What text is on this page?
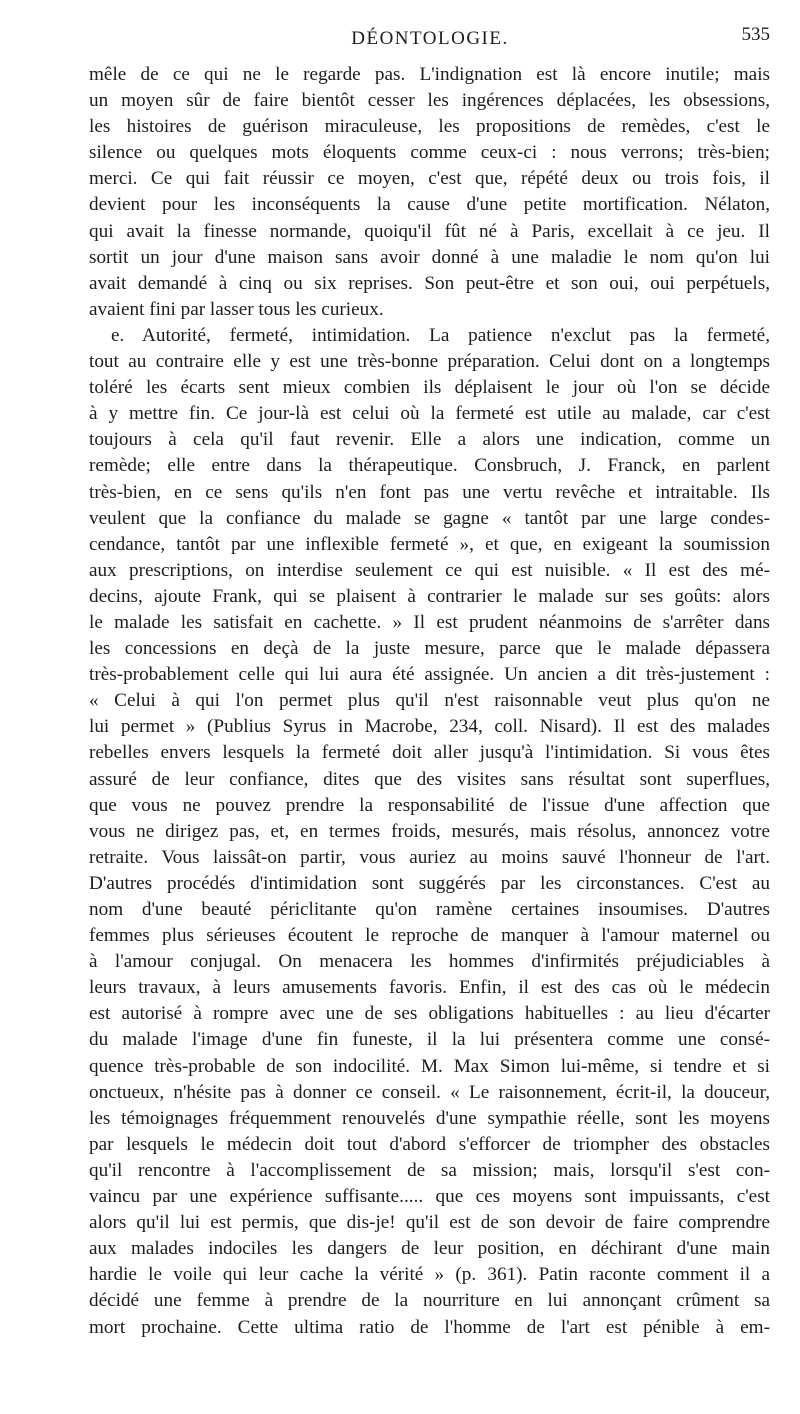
DÉONTOLOGIE.	535
mêle de ce qui ne le regarde pas. L'indignation est là encore inutile; mais
un moyen sûr de faire bientôt cesser les ingérences déplacées, les obsessions,
les histoires de guérison miraculeuse, les propositions de remèdes, c'est le
silence ou quelques mots éloquents comme ceux-ci : nous verrons; très-bien;
merci. Ce qui fait réussir ce moyen, c'est que, répété deux ou trois fois, il
devient pour les inconséquents la cause d'une petite mortification. Nélaton,
qui avait la finesse normande, quoiqu'il fût né à Paris, excellait à ce jeu. Il
sortit un jour d'une maison sans avoir donné à une maladie le nom qu'on lui
avait demandé à cinq ou six reprises. Son peut-être et son oui, oui perpétuels,
avaient fini par lasser tous les curieux.
e. Autorité, fermeté, intimidation. La patience n'exclut pas la fermeté,
tout au contraire elle y est une très-bonne préparation. Celui dont on a longtemps
toléré les écarts sent mieux combien ils déplaisent le jour où l'on se décide
à y mettre fin. Ce jour-là est celui où la fermeté est utile au malade, car c'est
toujours à cela qu'il faut revenir. Elle a alors une indication, comme un
remède; elle entre dans la thérapeutique. Consbruch, J. Franck, en parlent
très-bien, en ce sens qu'ils n'en font pas une vertu revêche et intraitable. Ils
veulent que la confiance du malade se gagne « tantôt par une large condes-
cendance, tantôt par une inflexible fermeté », et que, en exigeant la soumission
aux prescriptions, on interdise seulement ce qui est nuisible. « Il est des mé-
decins, ajoute Frank, qui se plaisent à contrarier le malade sur ses goûts: alors
le malade les satisfait en cachette. » Il est prudent néanmoins de s'arrêter dans
les concessions en deçà de la juste mesure, parce que le malade dépassera
très-probablement celle qui lui aura été assignée. Un ancien a dit très-justement :
« Celui à qui l'on permet plus qu'il n'est raisonnable veut plus qu'on ne
lui permet » (Publius Syrus in Macrobe, 234, coll. Nisard). Il est des malades
rebelles envers lesquels la fermeté doit aller jusqu'à l'intimidation. Si vous êtes
assuré de leur confiance, dites que des visites sans résultat sont superflues,
que vous ne pouvez prendre la responsabilité de l'issue d'une affection que
vous ne dirigez pas, et, en termes froids, mesurés, mais résolus, annoncez votre
retraite. Vous laissât-on partir, vous auriez au moins sauvé l'honneur de l'art.
D'autres procédés d'intimidation sont suggérés par les circonstances. C'est au
nom d'une beauté périclitante qu'on ramène certaines insoumises. D'autres
femmes plus sérieuses écoutent le reproche de manquer à l'amour maternel ou
à l'amour conjugal. On menacera les hommes d'infirmités préjudiciables à
leurs travaux, à leurs amusements favoris. Enfin, il est des cas où le médecin
est autorisé à rompre avec une de ses obligations habituelles : au lieu d'écarter
du malade l'image d'une fin funeste, il la lui présentera comme une consé-
quence très-probable de son indocilité. M. Max Simon lui-même, si tendre et si
onctueux, n'hésite pas à donner ce conseil. « Le raisonnement, écrit-il, la douceur,
les témoignages fréquemment renouvelés d'une sympathie réelle, sont les moyens
par lesquels le médecin doit tout d'abord s'efforcer de triompher des obstacles
qu'il rencontre à l'accomplissement de sa mission; mais, lorsqu'il s'est con-
vaincu par une expérience suffisante..... que ces moyens sont impuissants, c'est
alors qu'il lui est permis, que dis-je! qu'il est de son devoir de faire comprendre
aux malades indociles les dangers de leur position, en déchirant d'une main
hardie le voile qui leur cache la vérité » (p. 361). Patin raconte comment il a
décidé une femme à prendre de la nourriture en lui annonçant crûment sa
mort prochaine. Cette ultima ratio de l'homme de l'art est pénible à em-
